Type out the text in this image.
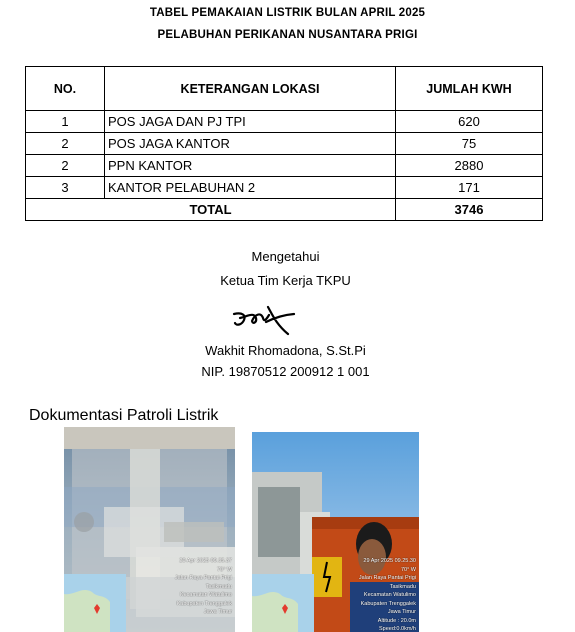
TABEL PEMAKAIAN LISTRIK BULAN APRIL 2025
PELABUHAN PERIKANAN NUSANTARA PRIGI
NO.	KETERANGAN LOKASI	JUMLAH KWH
1	POS JAGA DAN PJ TPI	620
2	POS JAGA KANTOR	75
2	PPN KANTOR	2880
3	KANTOR PELABUHAN 2	171
TOTAL		3746
Mengetahui
Ketua Tim Kerja TKPU
Wakhit Rhomadona, S.St.Pi
NIP. 19870512 200912 1 001
Dokumentasi Patroli Listrik
29 Apr 2025 09.35.37
70° W
Jalan Raya Pantai Prigi
Tasikmadu
Kecamatan Watulimo
Kabupaten Trenggalek
Jawa Timur
29 Apr 2025 09.25.30
70° W
Jalan Raya Pantai Prigi
Tasikmadu
Kecamatan Watulimo
Kabupaten Trenggalek
Jawa Timur
Altitude : 20.0m
Speed:0.0km/h
